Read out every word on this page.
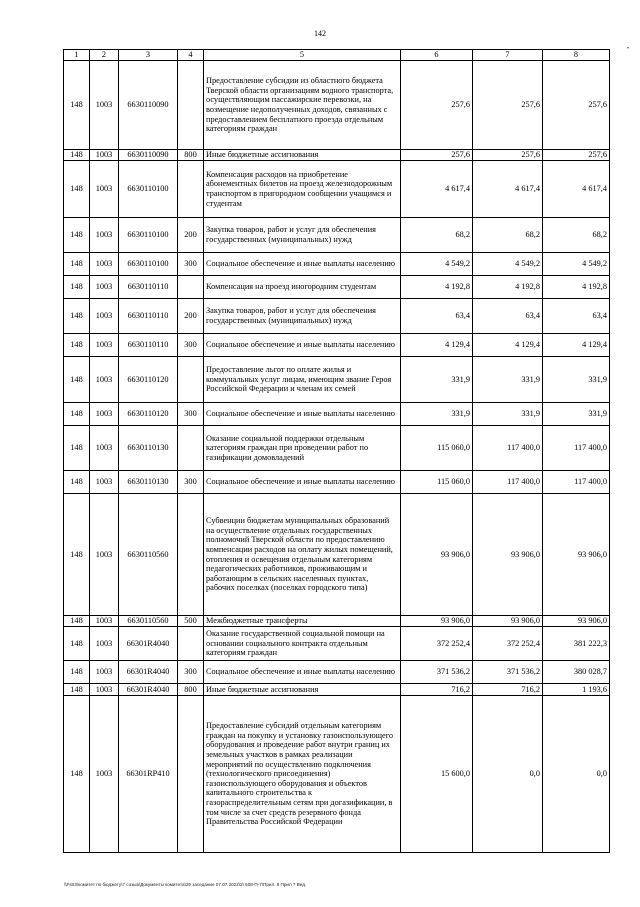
142
1	2	3	4	5	6	7	8
148	1003	6630110090		Предоставление субсидии из областного бюджета Тверской области организациям водного транспорта, осуществляющим пассажирские перевозки, на возмещение недополученных доходов, связанных с предоставлением бесплатного проезда отдельным категориям граждан	257,6	257,6	257,6
148	1003	6630110090	800	Иные бюджетные ассигнования	257,6	257,6	257,6
148	1003	6630110100		Компенсация расходов на приобретение абонементных билетов на проезд железнодорожным транспортом в пригородном сообщении учащимся и студентам	4 617,4	4 617,4	4 617,4
148	1003	6630110100	200	Закупка товаров, работ и услуг для обеспечения государственных (муниципальных) нужд	68,2	68,2	68,2
148	1003	6630110100	300	Социальное обеспечение и иные выплаты населению	4 549,2	4 549,2	4 549,2
148	1003	6630110110		Компенсация на проезд иногородним студентам	4 192,8	4 192,8	4 192,8
148	1003	6630110110	200	Закупка товаров, работ и услуг для обеспечения государственных (муниципальных) нужд	63,4	63,4	63,4
148	1003	6630110110	300	Социальное обеспечение и иные выплаты населению	4 129,4	4 129,4	4 129,4
148	1003	6630110120		Предоставление льгот по оплате жилья и коммунальных услуг лицам, имеющим звание Героя Российской Федерации и членам их семей	331,9	331,9	331,9
148	1003	6630110120	300	Социальное обеспечение и иные выплаты населению	331,9	331,9	331,9
148	1003	6630110130		Оказание социальной поддержки отдельным категориям граждан при проведении работ по газификации домовладений	115 060,0	117 400,0	117 400,0
148	1003	6630110130	300	Социальное обеспечение и иные выплаты населению	115 060,0	117 400,0	117 400,0
148	1003	6630110560		Субвенции бюджетам муниципальных образований на осуществление отдельных государственных полномочий Тверской области по предоставлению компенсации расходов на оплату жилых помещений, отопления и освещения отдельным категориям педагогических работников, проживающим и работающим в сельских населенных пунктах, рабочих поселках (поселках городского типа)	93 906,0	93 906,0	93 906,0
148	1003	6630110560	500	Межбюджетные трансферты	93 906,0	93 906,0	93 906,0
148	1003	66301R4040		Оказание государственной социальной помощи на основании социального контракта отдельным категориям граждан	372 252,4	372 252,4	381 222,3
148	1003	66301R4040	300	Социальное обеспечение и иные выплаты населению	371 536,2	371 536,2	380 028,7
148	1003	66301R4040	800	Иные бюджетные ассигнования	716,2	716,2	1 193,6
148	1003	66301RP410		Предоставление субсидий отдельным категориям граждан на покупку и установку газоиспользующего оборудования и проведение работ внутри границ их земельных участков в рамках реализации мероприятий по осуществлению подключения (технологического присоединения) газоиспользующего оборудования и объектов капитального строительства к газораспределительным сетям при догазификации, в том числе за счет средств резервного фонда Правительства Российской Федерации	15 600,0	0,0	0,0
\\Fs03\комитет по бюджету\7 созыв\Документы комитета\29 заседание 07.07.2022\2\ 508-П-7\Прил. 6 Прил 7 Вед.
